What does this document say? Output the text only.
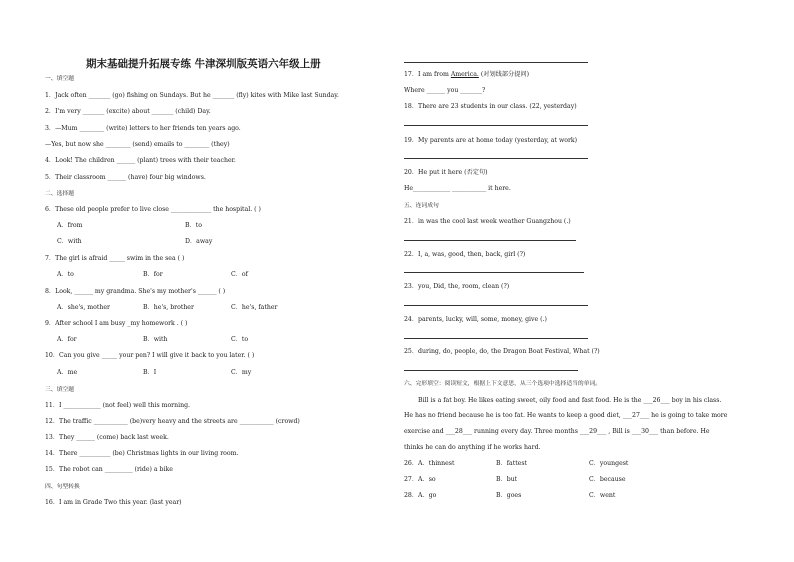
期末基础提升拓展专练 牛津深圳版英语六年级上册
一、填空题
1．Jack often _______ (go) fishing on Sundays. But he _______ (fly) kites with Mike last Sunday.
2．I'm very _______ (excite) about _______ (child) Day.
3．—Mum ________ (write) letters to her friends ten years ago.
—Yes, but now she ________ (send) emails to ________ (they)
4．Look! The children ______ (plant) trees with their teacher.
5．Their classroom ______ (have) four big windows.
二、选择题
6．These old people prefer to live close _____________ the hospital. ( )
A．from	B．to
C．with	D．away
7．The girl is afraid _____ swim in the sea ( )
A．to	B．for	C．of
8．Look, ______ my grandma. She's my mother's ______ ( )
A．she's, mother	B．he's, brother	C．he's, father
9．After school I am busy _my homework . ( )
A．for	B．with	C．to
10．Can you give _____ your pen? I will give it back to you later. ( )
A．me	B．I	C．my
三、填空题
11．I ____________ (not feel) well this morning.
12．The traffic ___________ (be)very heavy and the streets are ___________ (crowd)
13．They ______ (come) back last week.
14．There __________ (be) Christmas lights in our living room.
15．The robot can _________ (ride) a bike
四、句型转换
16．I am in Grade Two this year. (last year)
17．I am from America. (对划线部分提问)
Where ______ you _______?
18．There are 23 students in our class. (22, yesterday)
19．My parents are at home today (yesterday, at work)
20．He put it here (否定句)
He____________ ___________ it here.
五、连词成句
21．in was the cool last week weather Guangzhou (.)
22．I, a, was, good, then, back, girl (?)
23．you, Did, the, room, clean (?)
24．parents, lucky, will, some, money, give (.)
25．during, do, people, do, the Dragon Boat Festival, What (?)
六、完形填空：阅读短文，根据上下文意思，从三个选项中选择适当的单词。
Bill is a fat boy. He likes eating sweet, oily food and fast food. He is the ___26___ boy in his class.
He has no friend because he is too fat. He wants to keep a good diet, ___27___ he is going to take more
exercise and ___28___ running every day. Three months ___29___ , Bill is ___30___ than before. He
thinks he can do anything if he works hard.
26．A．thinnest	B．fattest	C．youngest
27．A．so	B．but	C．because
28．A．go	B．goes	C．went
